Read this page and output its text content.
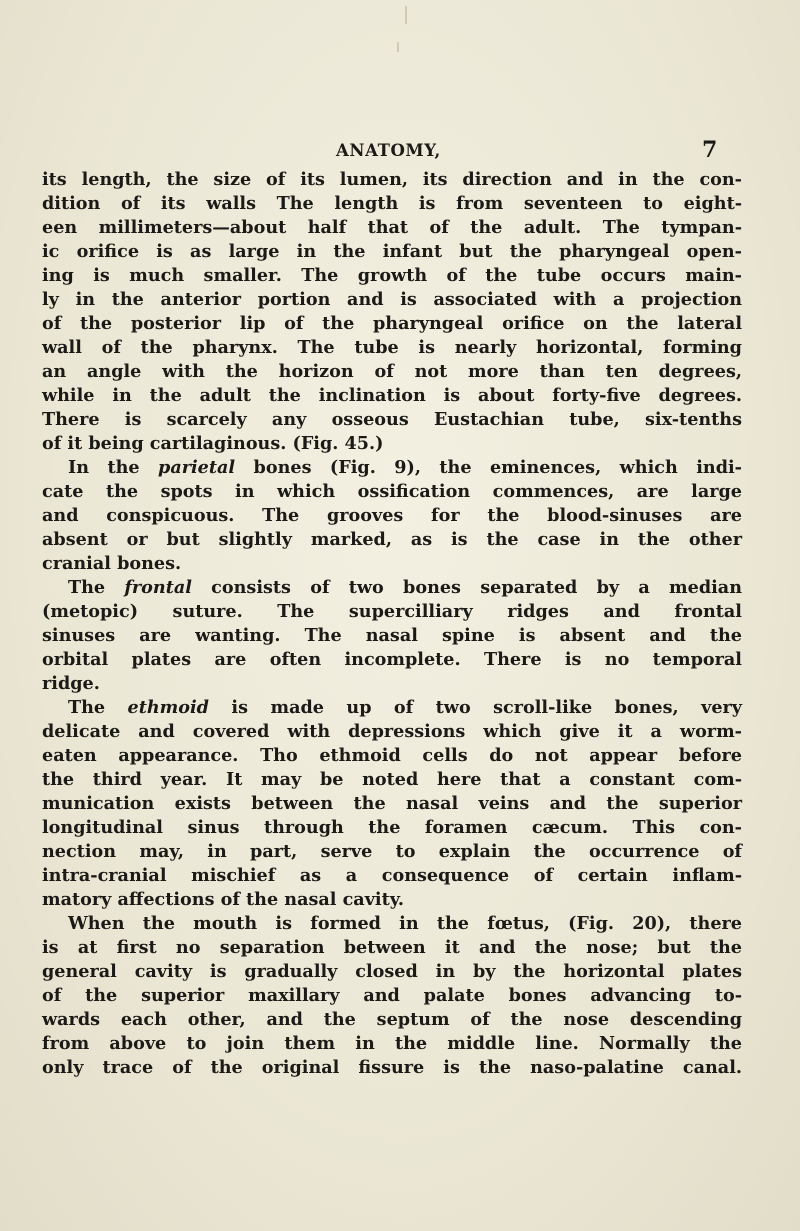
ANATOMY,	7
its length, the size of its lumen, its direction and in the con-
dition of its walls The length is from seventeen to eight-
een millimeters—about half that of the adult. The tympan-
ic orifice is as large in the infant but the pharyngeal open-
ing is much smaller. The growth of the tube occurs main-
ly in the anterior portion and is associated with a projection
of the posterior lip of the pharyngeal orifice on the lateral
wall of the pharynx. The tube is nearly horizontal, forming
an angle with the horizon of not more than ten degrees,
while in the adult the inclination is about forty-five degrees.
There is scarcely any osseous Eustachian tube, six-tenths
of it being cartilaginous. (Fig. 45.)
In the parietal bones (Fig. 9), the eminences, which indi-
cate the spots in which ossification commences, are large
and conspicuous. The grooves for the blood-sinuses are
absent or but slightly marked, as is the case in the other
cranial bones.
The frontal consists of two bones separated by a median
(metopic) suture. The supercilliary ridges and frontal
sinuses are wanting. The nasal spine is absent and the
orbital plates are often incomplete. There is no temporal
ridge.
The ethmoid is made up of two scroll-like bones, very
delicate and covered with depressions which give it a worm-
eaten appearance. Tho ethmoid cells do not appear before
the third year. It may be noted here that a constant com-
munication exists between the nasal veins and the superior
longitudinal sinus through the foramen cæcum. This con-
nection may, in part, serve to explain the occurrence of
intra-cranial mischief as a consequence of certain inflam-
matory affections of the nasal cavity.
When the mouth is formed in the fœtus, (Fig. 20), there
is at first no separation between it and the nose; but the
general cavity is gradually closed in by the horizontal plates
of the superior maxillary and palate bones advancing to-
wards each other, and the septum of the nose descending
from above to join them in the middle line. Normally the
only trace of the original fissure is the naso-palatine canal.
